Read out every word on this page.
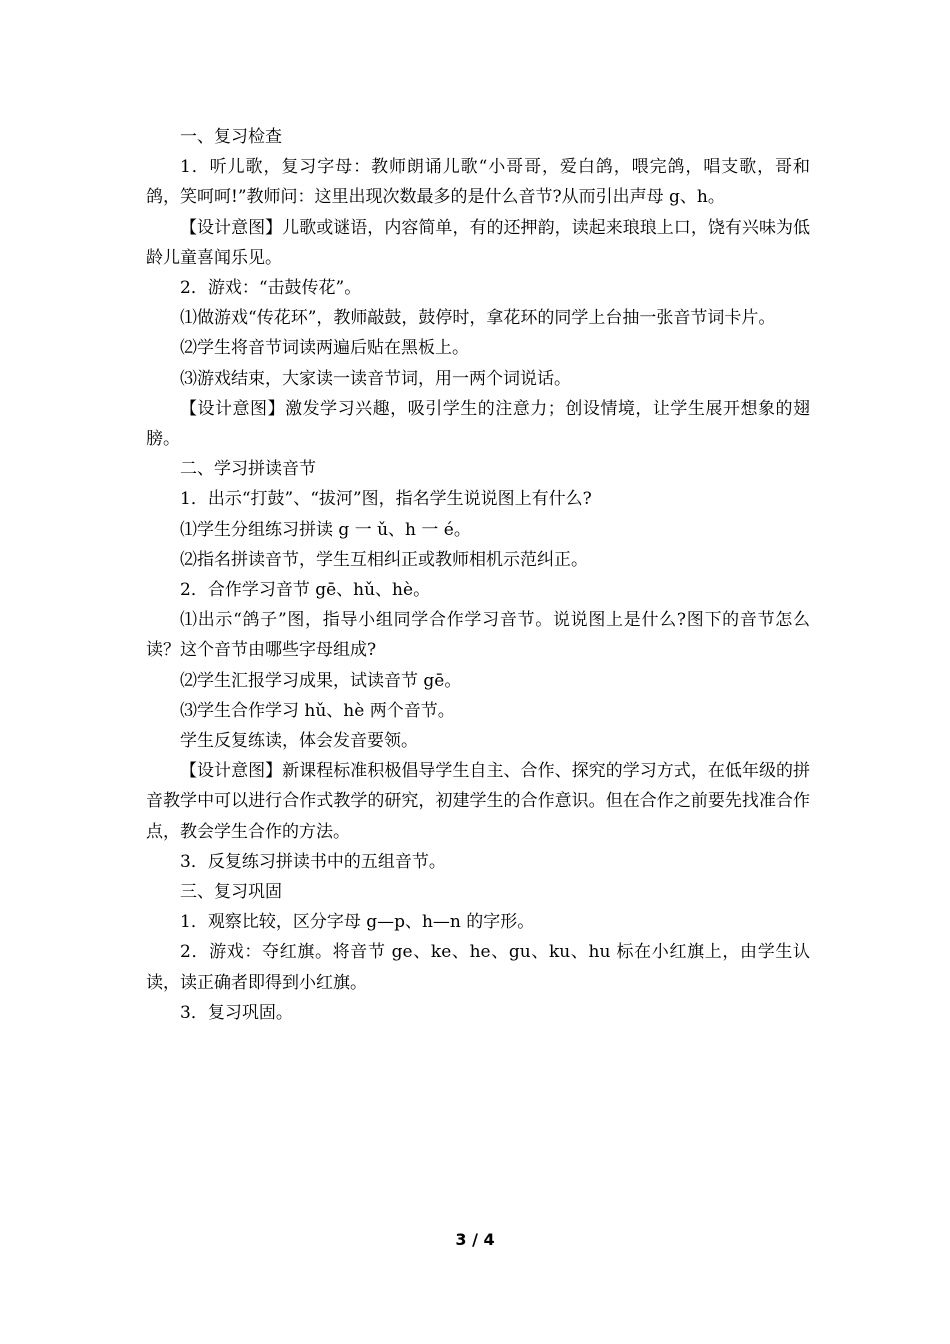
一、复习检查

1．听儿歌，复习字母：教师朗诵儿歌“小哥哥，爱白鸽，喂完鸽，唱支歌，哥和鸽，笑呵呵!”教师问：这里出现次数最多的是什么音节?从而引出声母 g、h。

【设计意图】儿歌或谜语，内容简单，有的还押韵，读起来琅琅上口，饶有兴味为低龄儿童喜闻乐见。

2．游戏：“击鼓传花”。

⑴做游戏“传花环”，教师敲鼓，鼓停时，拿花环的同学上台抽一张音节词卡片。

⑵学生将音节词读两遍后贴在黑板上。

⑶游戏结束，大家读一读音节词，用一两个词说话。

【设计意图】激发学习兴趣，吸引学生的注意力；创设情境，让学生展开想象的翅膀。

二、学习拼读音节

1．出示“打鼓”、“拔河”图，指名学生说说图上有什么?

⑴学生分组练习拼读 g 一 ǔ、h 一 é。

⑵指名拼读音节，学生互相纠正或教师相机示范纠正。

2．合作学习音节 gē、hǔ、hè。

⑴出示“鸽子”图，指导小组同学合作学习音节。说说图上是什么?图下的音节怎么读？这个音节由哪些字母组成?

⑵学生汇报学习成果，试读音节 gē。

⑶学生合作学习 hǔ、hè 两个音节。

学生反复练读，体会发音要领。

【设计意图】新课程标准积极倡导学生自主、合作、探究的学习方式，在低年级的拼音教学中可以进行合作式教学的研究，初建学生的合作意识。但在合作之前要先找准合作点，教会学生合作的方法。

3．反复练习拼读书中的五组音节。

三、复习巩固

1．观察比较，区分字母 g—p、h—n 的字形。

2．游戏：夺红旗。将音节 ge、ke、he、gu、ku、hu 标在小红旗上，由学生认读，读正确者即得到小红旗。

3．复习巩固。

3 / 4
